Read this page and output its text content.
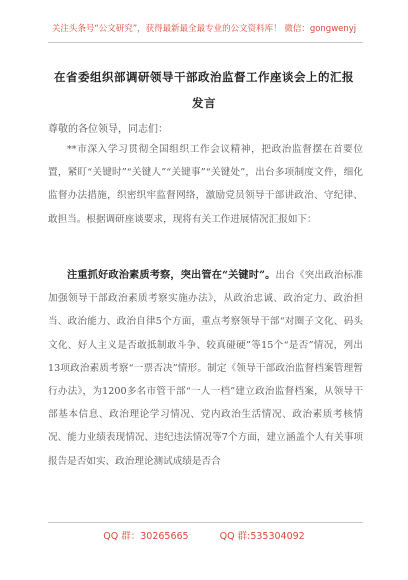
关注头条号“公文研究”，获得最新最全最专业的公文资料库！ 微信：gongwenyj
在省委组织部调研领导干部政治监督工作座谈会上的汇报
发言
尊敬的各位领导，同志们：
**市深入学习贯彻全国组织工作会议精神，把政治监督摆在首要位置，紧盯“关键时”“关键人”“关键事”“关键处”，出台多项制度文件，细化监督办法措施，织密织牢监督网络，激励党员领导干部讲政治、守纪律、敢担当。根据调研座谈要求，现将有关工作进展情况汇报如下：
注重抓好政治素质考察，突出管在“关键时”。出台《突出政治标准加强领导干部政治素质考察实施办法》，从政治忠诚、政治定力、政治担当、政治能力、政治自律5个方面，重点考察领导干部“对圈子文化、码头文化、好人主义是否敢抵制敢斗争、较真碰硬”等15个“是否”情况，列出13项政治素质考察“一票否决”情形。制定《领导干部政治监督档案管理暂行办法》，为1200多名市管干部“一人一档”建立政治监督档案，从领导干部基本信息、政治理论学习情况、党内政治生活情况、政治素质考核情况、能力业绩表现情况、违纪违法情况等7个方面，建立涵盖个人有关事项报告是否如实、政治理论测试成绩是否合
QQ 群：30265665	QQ 群:535304092
